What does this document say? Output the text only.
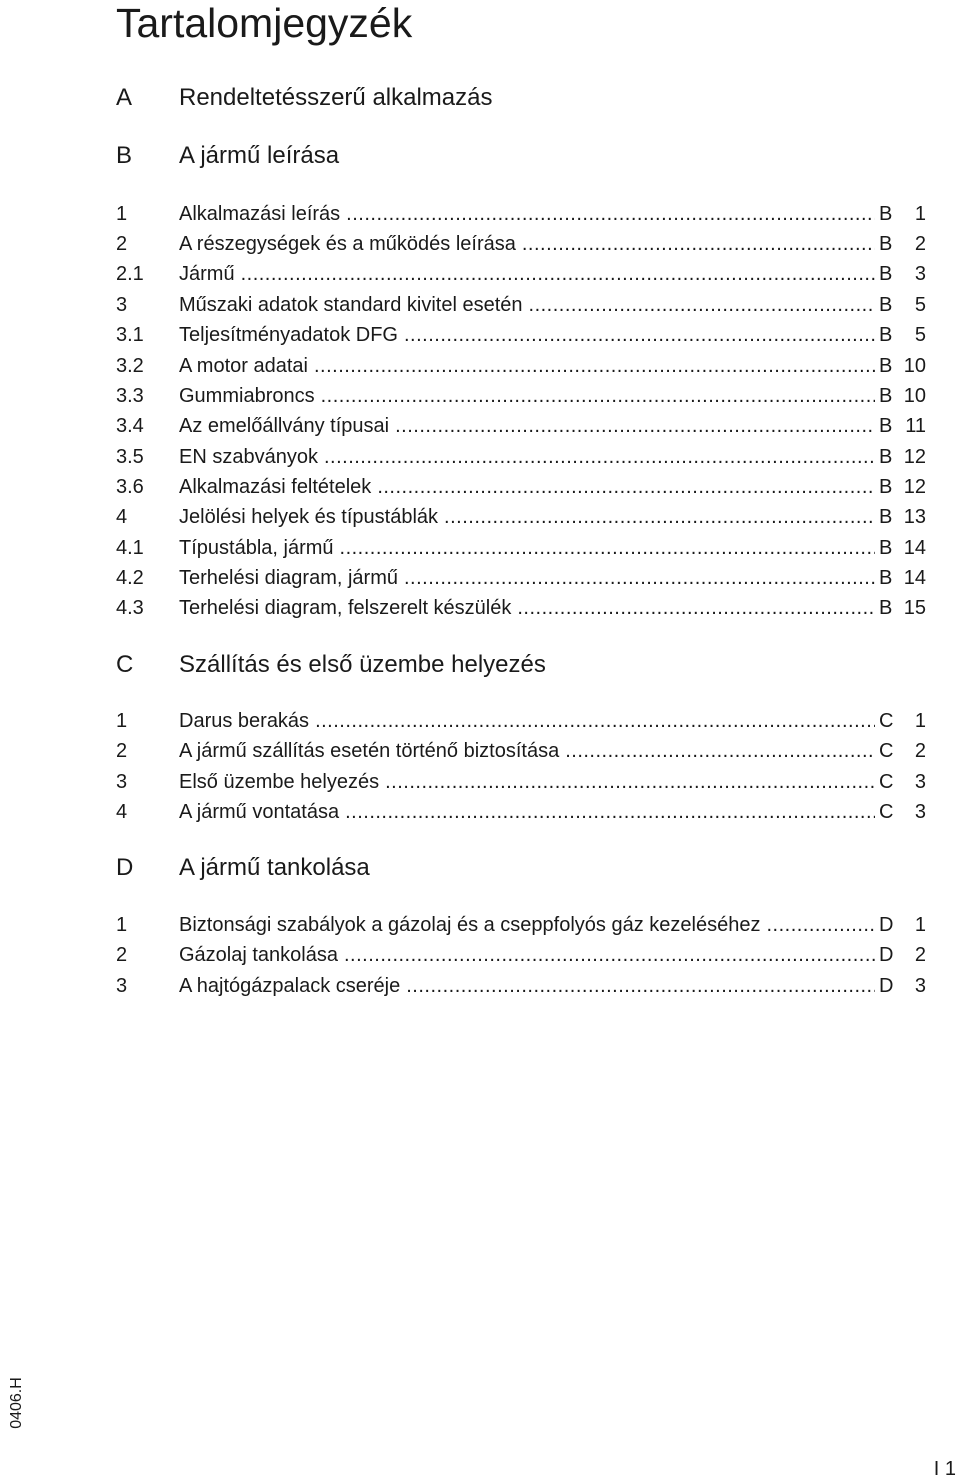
Tartalomjegyzék
A Rendeltetésszerű alkalmazás
B A jármű leírása
1	Alkalmazási leírás .....	B	1
2	A részegységek és a működés leírása .....	B	2
2.1	Jármű .....	B	3
3	Műszaki adatok standard kivitel esetén .....	B	5
3.1	Teljesítményadatok DFG .....	B	5
3.2	A motor adatai .....	B 10
3.3	Gummiabroncs .....	B 10
3.4	Az emelőállvány típusai .....	B 11
3.5	EN szabványok .....	B 12
3.6	Alkalmazási feltételek .....	B 12
4	Jelölési helyek és típustáblák .....	B 13
4.1	Típustábla, jármű .....	B 14
4.2	Terhelési diagram, jármű .....	B 14
4.3	Terhelési diagram, felszerelt készülék .....	B 15
C Szállítás és első üzembe helyezés
1	Darus berakás .....	C	1
2	A jármű szállítás esetén történő biztosítása .....	C	2
3	Első üzembe helyezés .....	C	3
4	A jármű vontatása .....	C	3
D A jármű tankolása
1	Biztonsági szabályok a gázolaj és a cseppfolyós gáz kezeléséhez .....	D	1
2	Gázolaj tankolása .....	D	2
3	A hajtógázpalack cseréje .....	D	3
0406.H
I 1
